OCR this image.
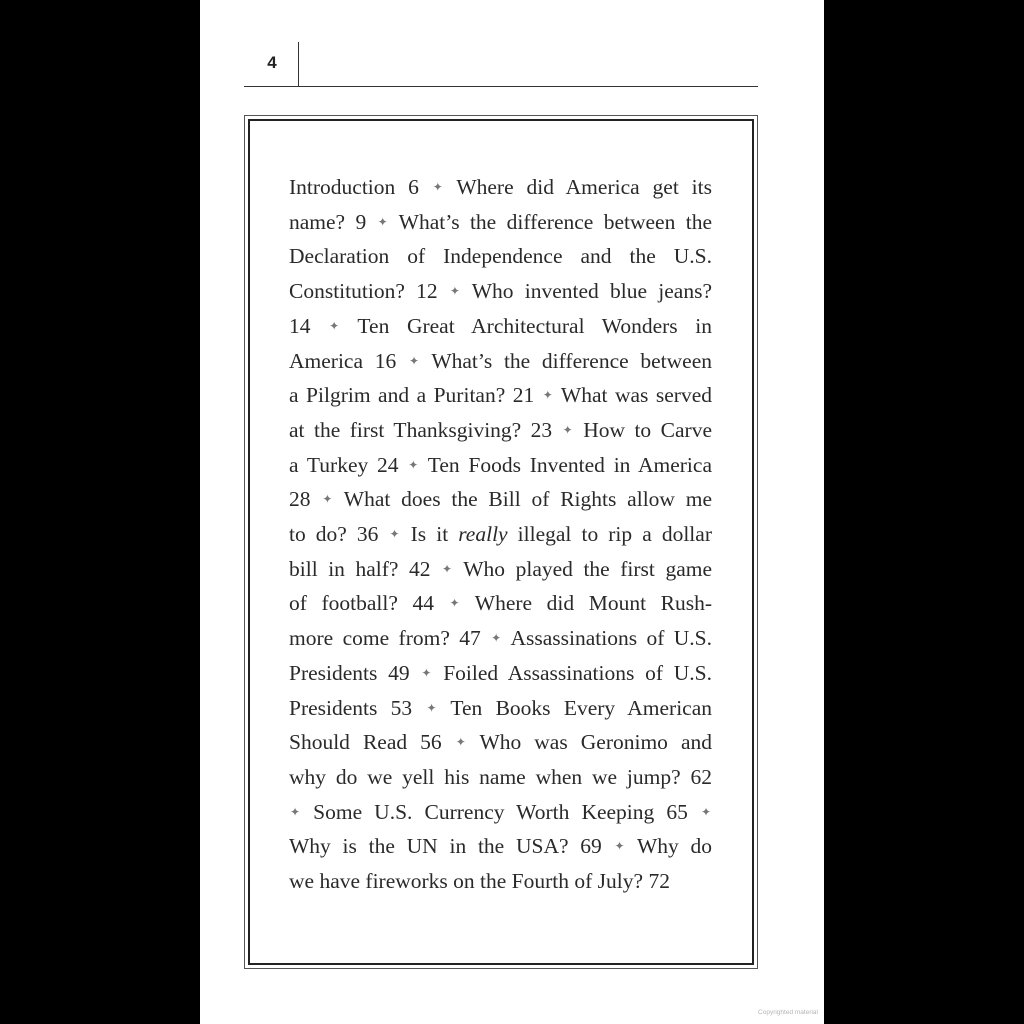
4
Introduction 6 ✦ Where did America get its
name? 9 ✦ What’s the difference between the
Declaration of Independence and the U.S.
Constitution? 12 ✦ Who invented blue jeans?
14 ✦ Ten Great Architectural Wonders in
America 16 ✦ What’s the difference between
a Pilgrim and a Puritan? 21 ✦ What was served
at the first Thanksgiving? 23 ✦ How to Carve
a Turkey 24 ✦ Ten Foods Invented in America
28 ✦ What does the Bill of Rights allow me
to do? 36 ✦ Is it really illegal to rip a dollar
bill in half? 42 ✦ Who played the first game
of football? 44 ✦ Where did Mount Rush-
more come from? 47 ✦ Assassinations of U.S.
Presidents 49 ✦ Foiled Assassinations of U.S.
Presidents 53 ✦ Ten Books Every American
Should Read 56 ✦ Who was Geronimo and
why do we yell his name when we jump? 62
✦ Some U.S. Currency Worth Keeping 65 ✦
Why is the UN in the USA? 69 ✦ Why do
we have fireworks on the Fourth of July? 72
Copyrighted material
